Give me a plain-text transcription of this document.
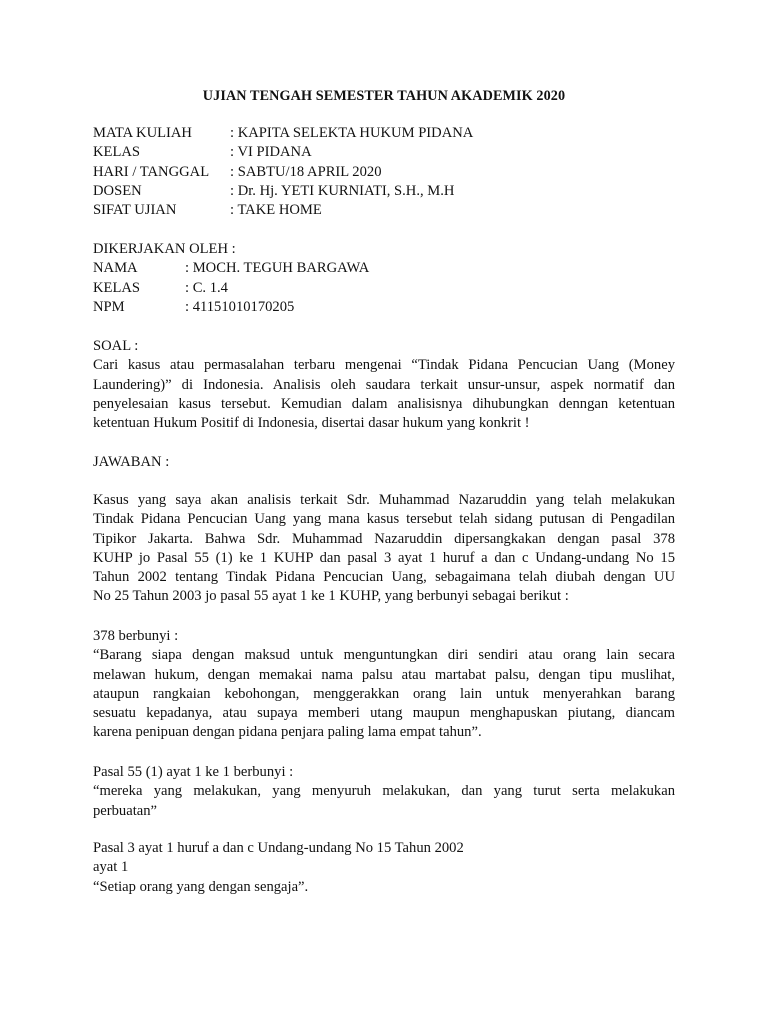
UJIAN TENGAH SEMESTER TAHUN AKADEMIK 2020
MATA KULIAH	: KAPITA SELEKTA HUKUM PIDANA
KELAS	: VI PIDANA
HARI / TANGGAL	: SABTU/18 APRIL 2020
DOSEN	: Dr. Hj. YETI KURNIATI, S.H., M.H
SIFAT UJIAN	: TAKE HOME
DIKERJAKAN OLEH :
NAMA	: MOCH. TEGUH BARGAWA
KELAS	: C. 1.4
NPM	: 41151010170205
SOAL :
Cari kasus atau permasalahan terbaru mengenai “Tindak Pidana Pencucian Uang (Money
Laundering)” di Indonesia. Analisis oleh saudara terkait unsur-unsur, aspek normatif dan
penyelesaian kasus tersebut. Kemudian dalam analisisnya dihubungkan denngan ketentuan
ketentuan Hukum Positif di Indonesia, disertai dasar hukum yang konkrit !
JAWABAN :
Kasus yang saya akan analisis terkait Sdr. Muhammad Nazaruddin yang telah melakukan
Tindak Pidana Pencucian Uang yang mana kasus tersebut telah sidang putusan di Pengadilan
Tipikor Jakarta. Bahwa Sdr. Muhammad Nazaruddin dipersangkakan dengan pasal 378
KUHP jo Pasal 55 (1) ke 1 KUHP dan pasal 3 ayat 1 huruf a dan c Undang-undang No 15
Tahun 2002 tentang Tindak Pidana Pencucian Uang, sebagaimana telah diubah dengan UU
No 25 Tahun 2003 jo pasal 55 ayat 1 ke 1 KUHP, yang berbunyi sebagai berikut :
378 berbunyi :
“Barang siapa dengan maksud untuk menguntungkan diri sendiri atau orang lain secara
melawan hukum, dengan memakai nama palsu atau martabat palsu, dengan tipu muslihat,
ataupun rangkaian kebohongan, menggerakkan orang lain untuk menyerahkan barang
sesuatu kepadanya, atau supaya memberi utang maupun menghapuskan piutang, diancam
karena penipuan dengan pidana penjara paling lama empat tahun”.
Pasal 55 (1) ayat 1 ke 1 berbunyi :
“mereka yang melakukan, yang menyuruh melakukan, dan yang turut serta melakukan
perbuatan”
Pasal 3 ayat 1 huruf a dan c Undang-undang No 15 Tahun 2002
ayat 1
“Setiap orang yang dengan sengaja”.
